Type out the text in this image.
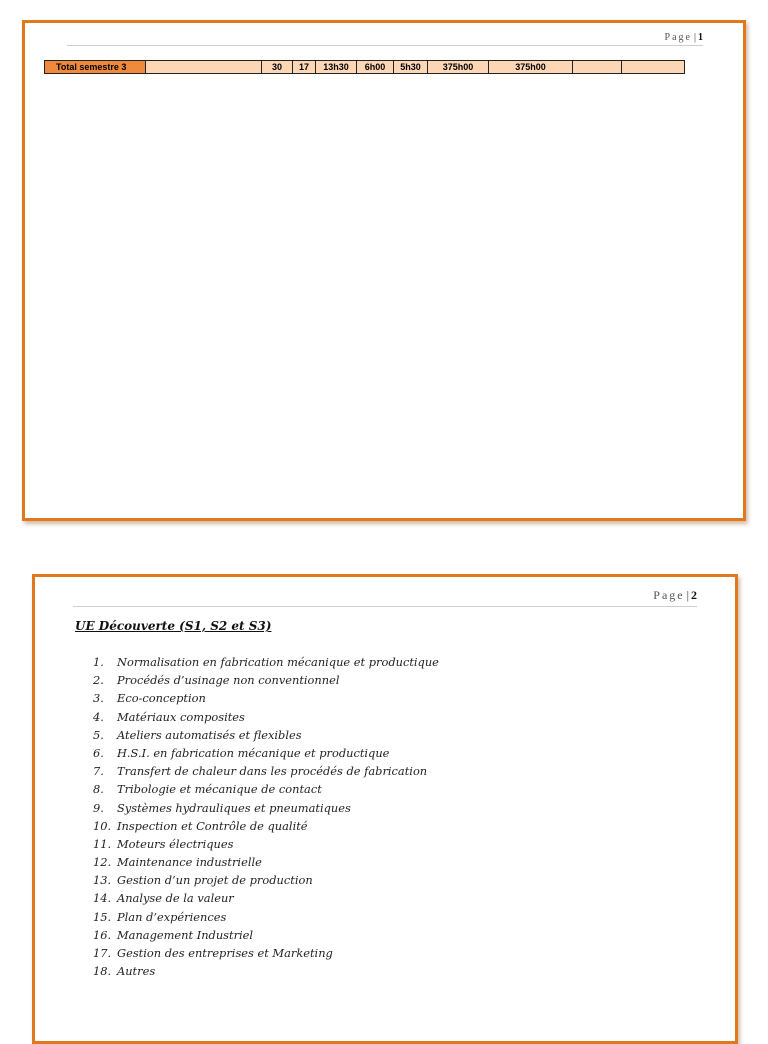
Page | 1
Total semestre 3		30	17	13h30	6h00	5h30	375h00	375h00		
Page | 2
UE Découverte (S1, S2 et S3)
1. Normalisation en fabrication mécanique et productique
2. Procédés d’usinage non conventionnel
3. Eco-conception
4. Matériaux composites
5. Ateliers automatisés et flexibles
6. H.S.I. en fabrication mécanique et productique
7. Transfert de chaleur dans les procédés de fabrication
8. Tribologie et mécanique de contact
9. Systèmes hydrauliques et pneumatiques
10. Inspection et Contrôle de qualité
11. Moteurs électriques
12. Maintenance industrielle
13. Gestion d’un projet de production
14. Analyse de la valeur
15. Plan d’expériences
16. Management Industriel
17. Gestion des entreprises et Marketing
18. Autres
